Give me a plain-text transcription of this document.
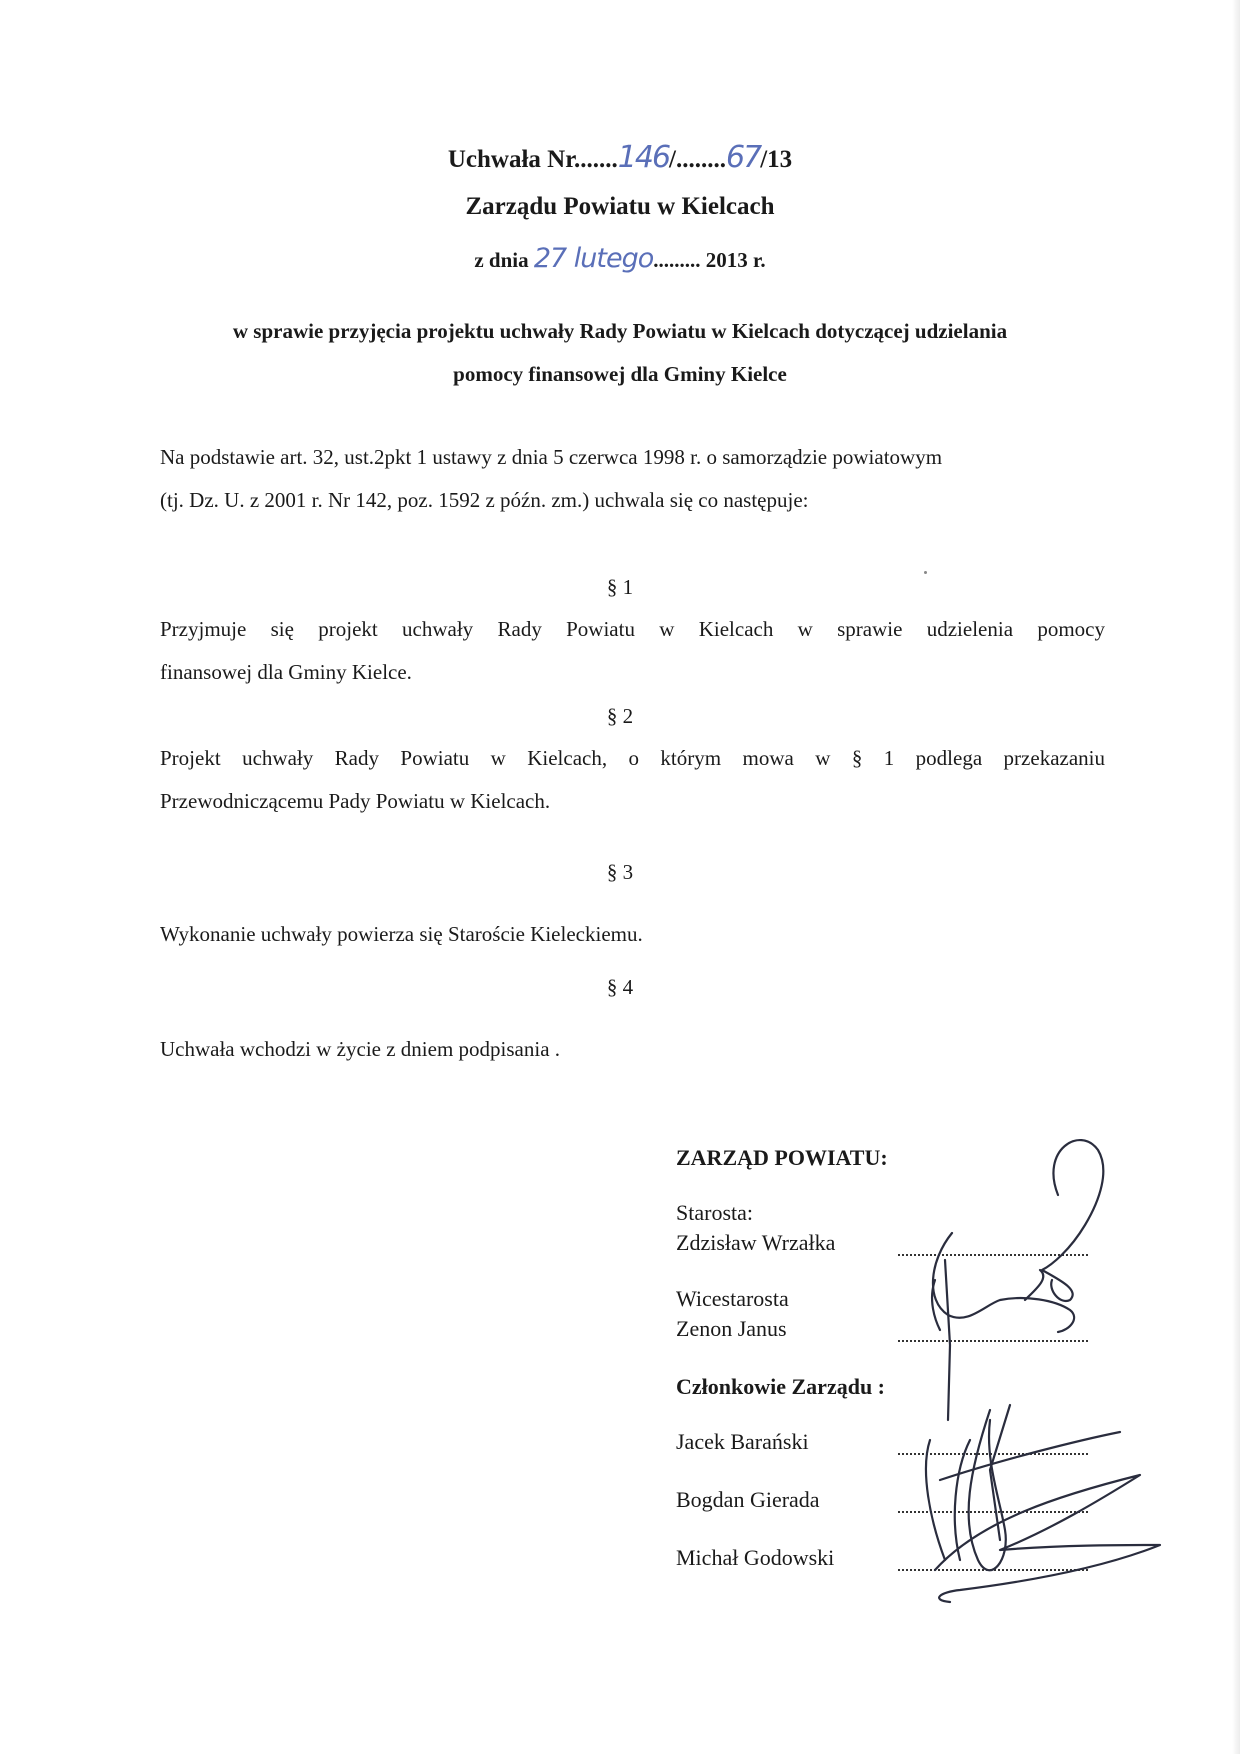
Uchwała Nr.......146/........67/13
Zarządu Powiatu w Kielcach
z dnia 27 lutego......... 2013 r.
w sprawie przyjęcia projektu uchwały Rady Powiatu w Kielcach dotyczącej udzielania
pomocy finansowej dla Gminy Kielce
Na podstawie art. 32, ust.2pkt 1 ustawy z dnia 5 czerwca 1998 r. o samorządzie powiatowym
(tj. Dz. U. z 2001 r. Nr 142, poz. 1592 z późn. zm.) uchwala się co następuje:
§ 1
Przyjmuje się projekt uchwały Rady Powiatu w Kielcach w sprawie udzielenia pomocy
finansowej dla Gminy Kielce.
§ 2
Projekt uchwały Rady Powiatu w Kielcach, o którym mowa w § 1 podlega przekazaniu
Przewodniczącemu Pady Powiatu w Kielcach.
§ 3
Wykonanie uchwały powierza się Staroście Kieleckiemu.
§ 4
Uchwała wchodzi w życie z dniem podpisania .
ZARZĄD POWIATU:
Starosta:
Zdzisław Wrzałka
Wicestarosta
Zenon Janus
Członkowie Zarządu :
Jacek Barański
Bogdan Gierada
Michał Godowski
